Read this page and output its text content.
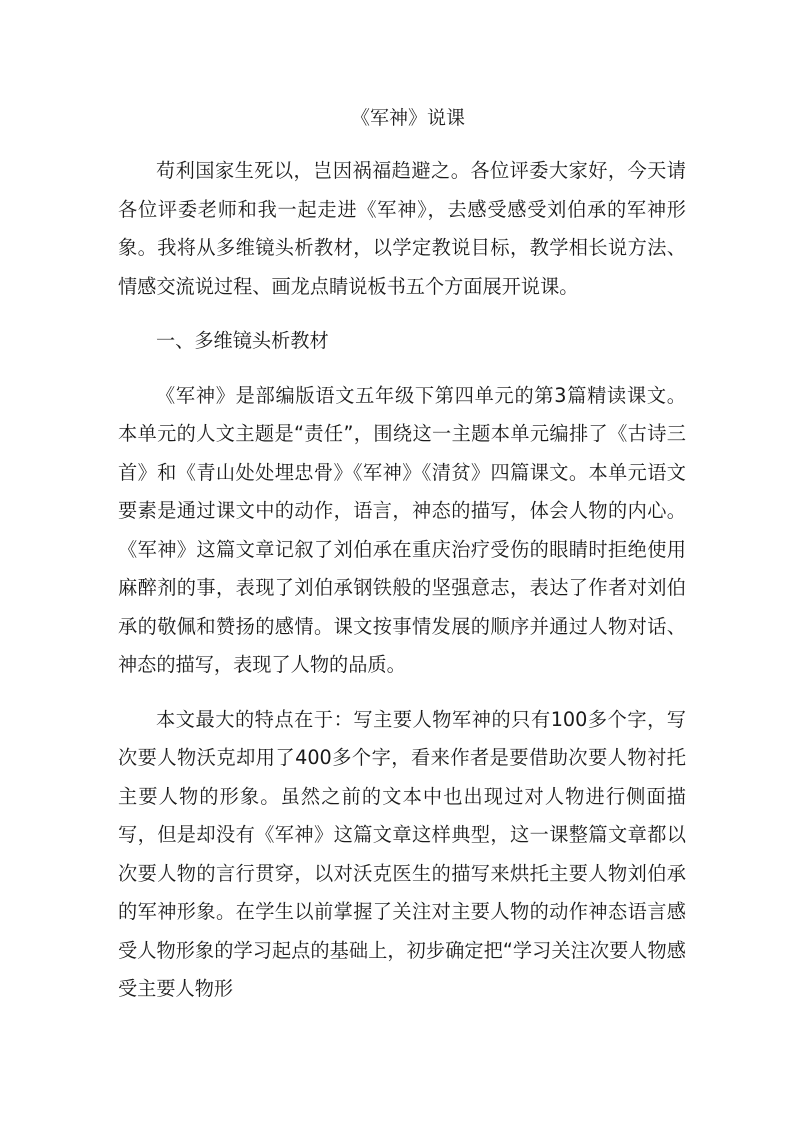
《军神》说课

苟利国家生死以，岂因祸福趋避之。各位评委大家好，今天请各位评委老师和我一起走进《军神》，去感受感受刘伯承的军神形象。我将从多维镜头析教材，以学定教说目标，教学相长说方法、情感交流说过程、画龙点睛说板书五个方面展开说课。

一、多维镜头析教材

《军神》是部编版语文五年级下第四单元的第3篇精读课文。本单元的人文主题是“责任”，围绕这一主题本单元编排了《古诗三首》和《青山处处埋忠骨》《军神》《清贫》四篇课文。本单元语文要素是通过课文中的动作，语言，神态的描写，体会人物的内心。《军神》这篇文章记叙了刘伯承在重庆治疗受伤的眼睛时拒绝使用麻醉剂的事，表现了刘伯承钢铁般的坚强意志，表达了作者对刘伯承的敬佩和赞扬的感情。课文按事情发展的顺序并通过人物对话、神态的描写，表现了人物的品质。

本文最大的特点在于：写主要人物军神的只有100多个字，写次要人物沃克却用了400多个字，看来作者是要借助次要人物衬托主要人物的形象。虽然之前的文本中也出现过对人物进行侧面描写，但是却没有《军神》这篇文章这样典型，这一课整篇文章都以次要人物的言行贯穿，以对沃克医生的描写来烘托主要人物刘伯承的军神形象。在学生以前掌握了关注对主要人物的动作神态语言感受人物形象的学习起点的基础上，初步确定把“学习关注次要人物感受主要人物形
